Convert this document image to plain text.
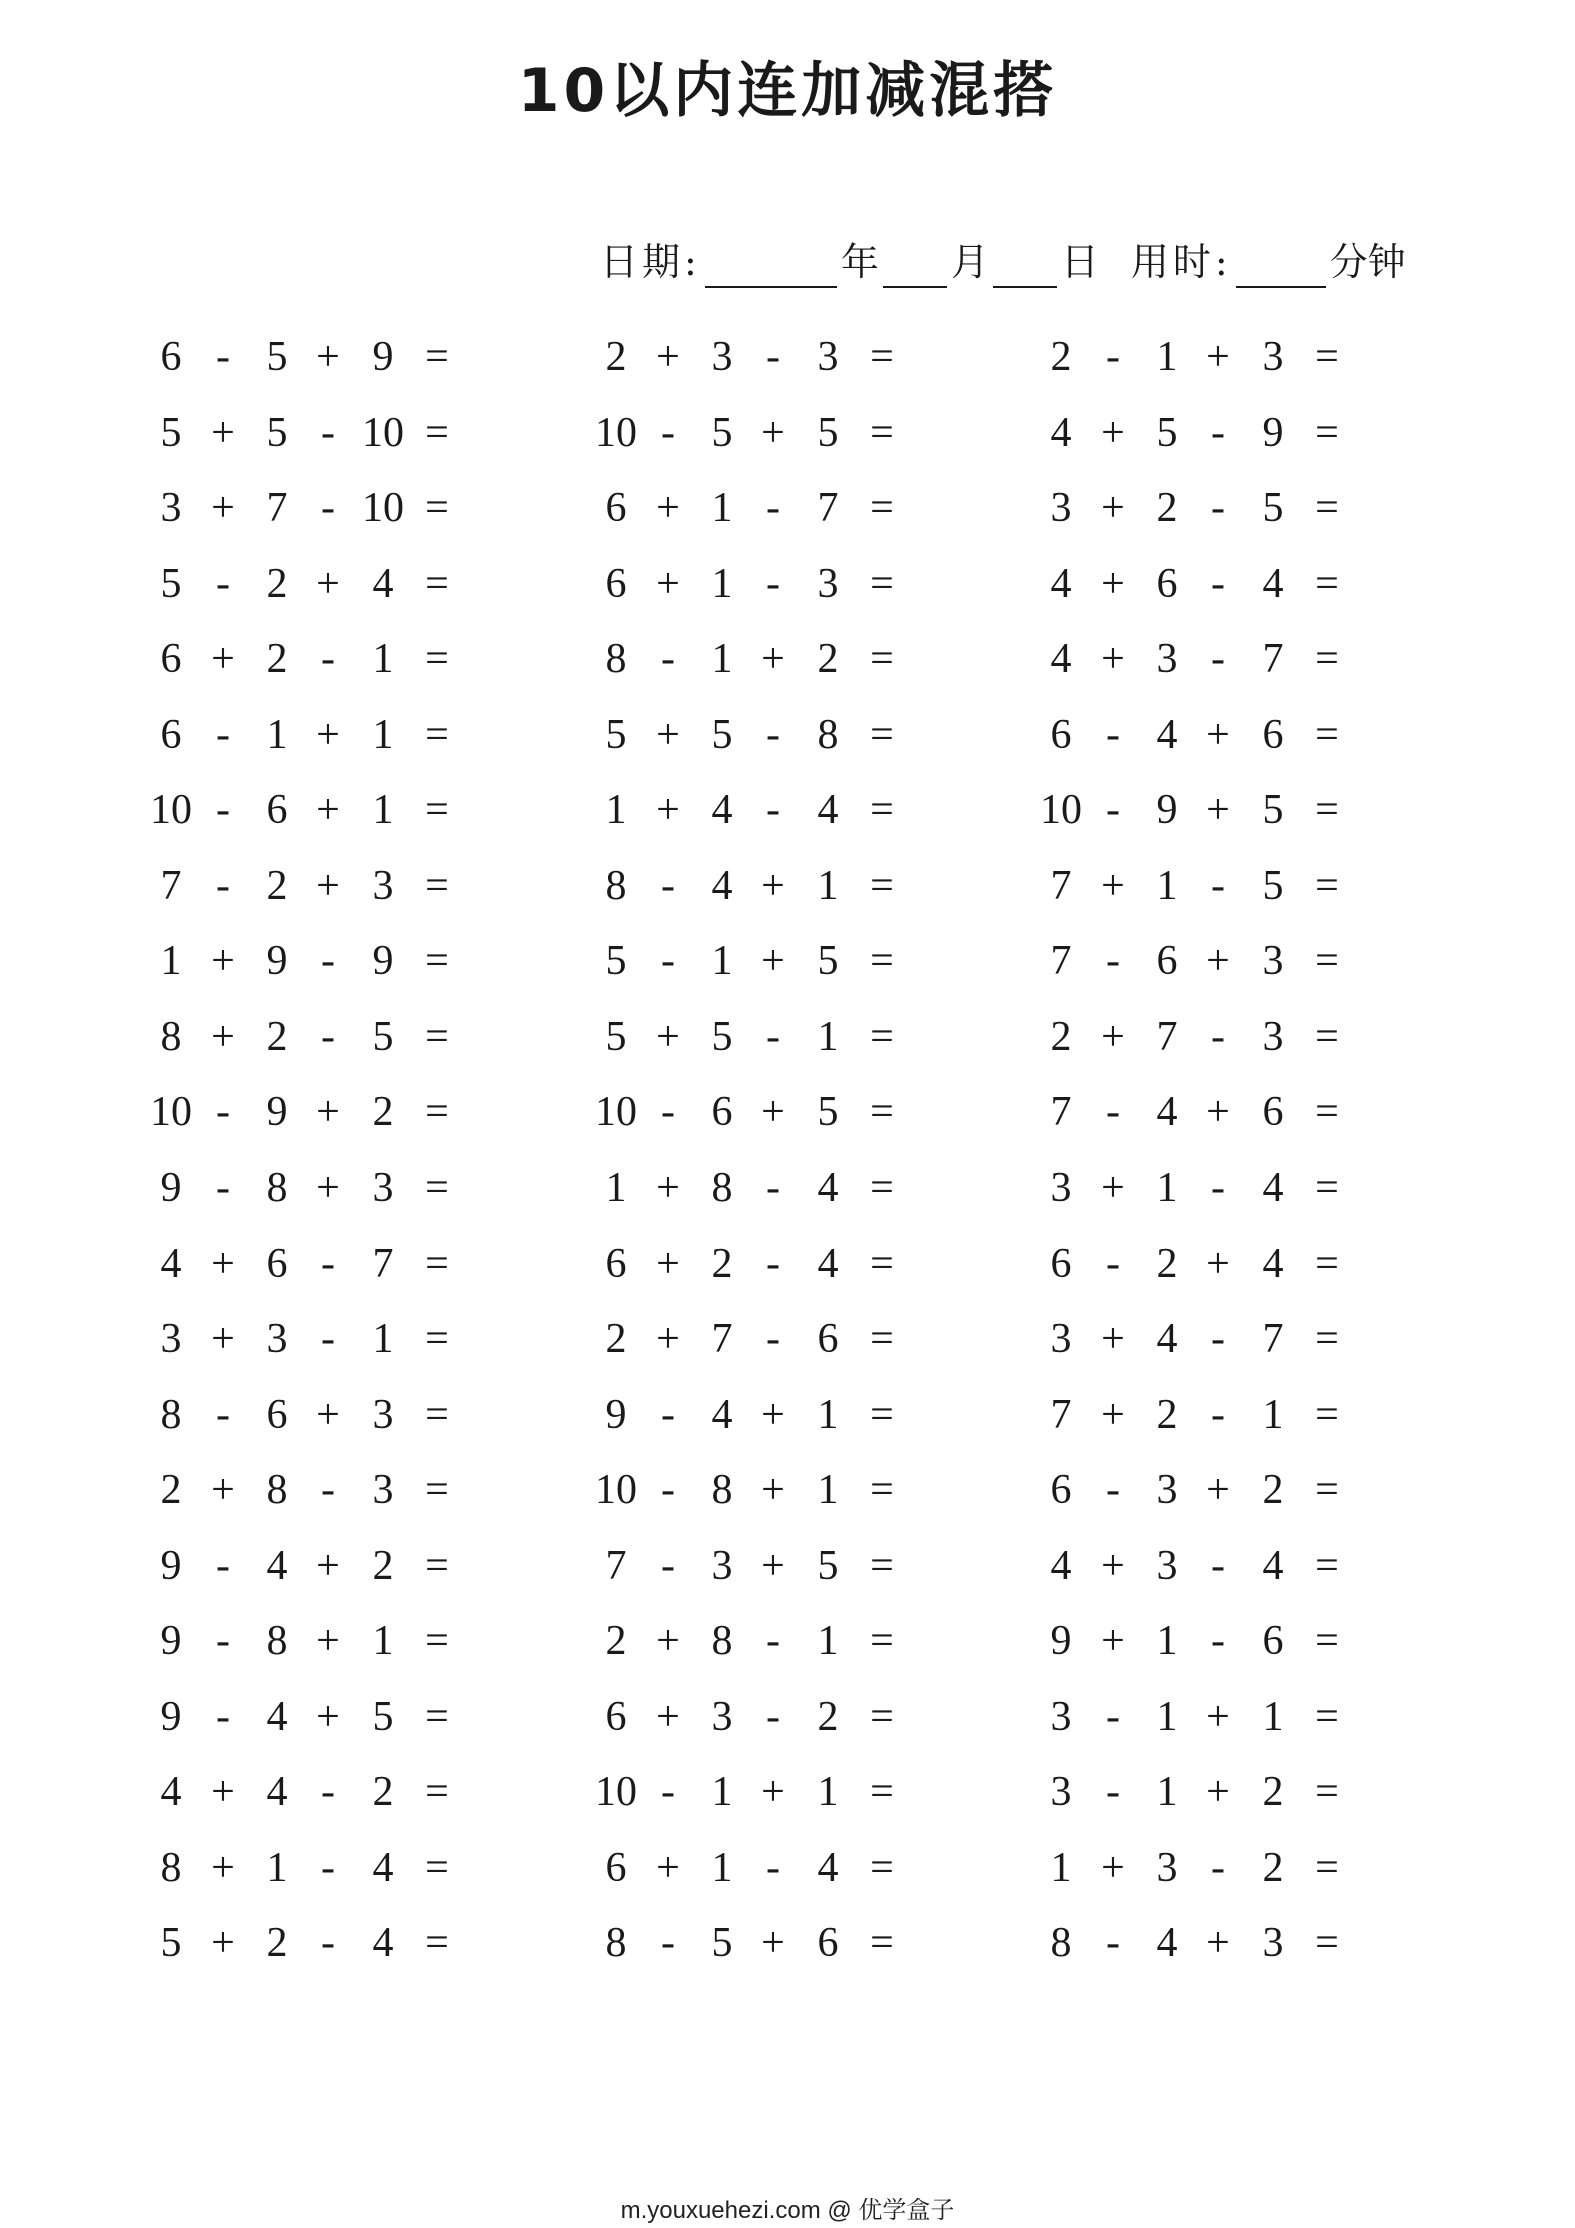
10以内连加减混搭
日期:	年 月 日 用时:	分钟
6 - 5 + 9 =	2 + 3 - 3 =	2 - 1 + 3 =
5 + 5 - 10 =	10 - 5 + 5 =	4 + 5 - 9 =
3 + 7 - 10 =	6 + 1 - 7 =	3 + 2 - 5 =
5 - 2 + 4 =	6 + 1 - 3 =	4 + 6 - 4 =
6 + 2 - 1 =	8 - 1 + 2 =	4 + 3 - 7 =
6 - 1 + 1 =	5 + 5 - 8 =	6 - 4 + 6 =
10 - 6 + 1 =	1 + 4 - 4 =	10 - 9 + 5 =
7 - 2 + 3 =	8 - 4 + 1 =	7 + 1 - 5 =
1 + 9 - 9 =	5 - 1 + 5 =	7 - 6 + 3 =
8 + 2 - 5 =	5 + 5 - 1 =	2 + 7 - 3 =
10 - 9 + 2 =	10 - 6 + 5 =	7 - 4 + 6 =
9 - 8 + 3 =	1 + 8 - 4 =	3 + 1 - 4 =
4 + 6 - 7 =	6 + 2 - 4 =	6 - 2 + 4 =
3 + 3 - 1 =	2 + 7 - 6 =	3 + 4 - 7 =
8 - 6 + 3 =	9 - 4 + 1 =	7 + 2 - 1 =
2 + 8 - 3 =	10 - 8 + 1 =	6 - 3 + 2 =
9 - 4 + 2 =	7 - 3 + 5 =	4 + 3 - 4 =
9 - 8 + 1 =	2 + 8 - 1 =	9 + 1 - 6 =
9 - 4 + 5 =	6 + 3 - 2 =	3 - 1 + 1 =
4 + 4 - 2 =	10 - 1 + 1 =	3 - 1 + 2 =
8 + 1 - 4 =	6 + 1 - 4 =	1 + 3 - 2 =
5 + 2 - 4 =	8 - 5 + 6 =	8 - 4 + 3 =
m.youxuehezi.com @ 优学盒子
